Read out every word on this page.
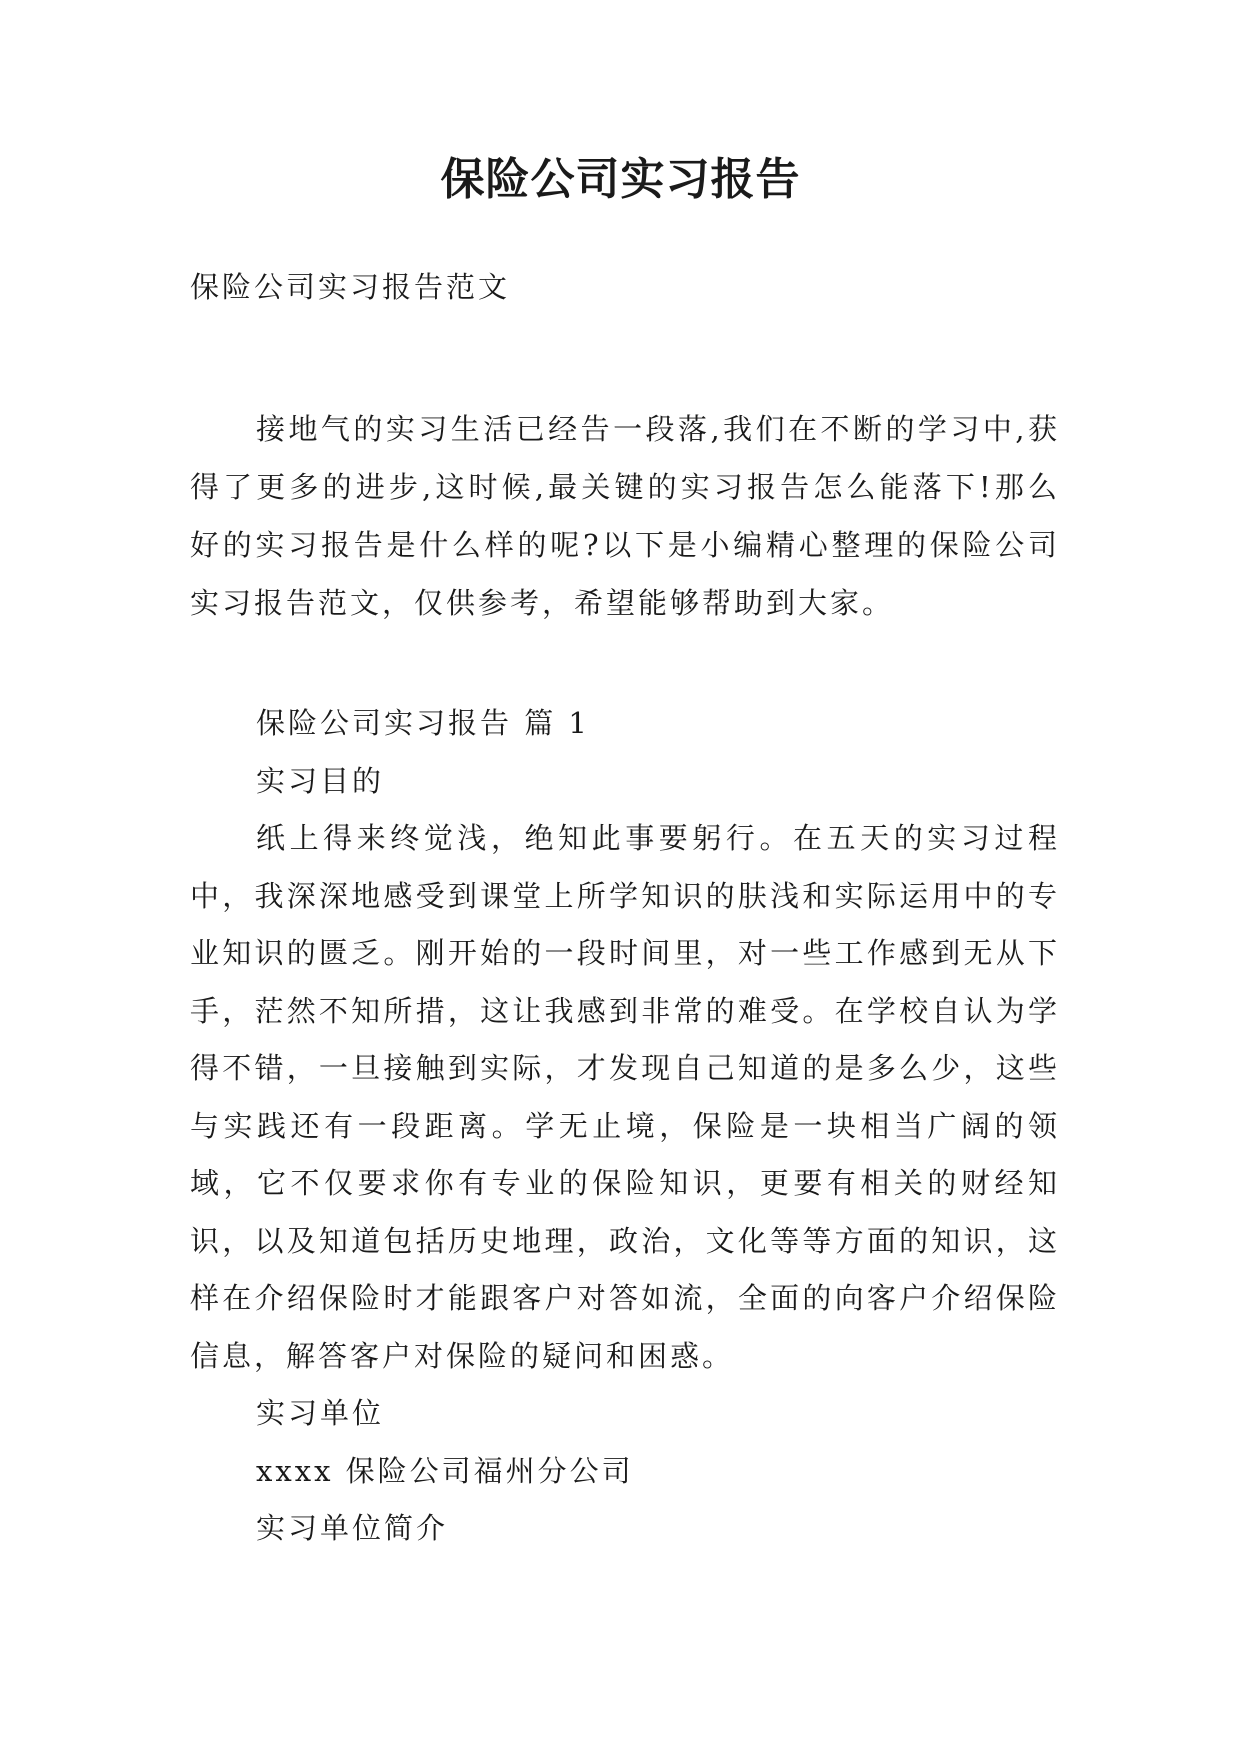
保险公司实习报告

保险公司实习报告范文

接地气的实习生活已经告一段落,我们在不断的学习中,获得了更多的进步,这时候,最关键的实习报告怎么能落下!那么好的实习报告是什么样的呢?以下是小编精心整理的保险公司实习报告范文，仅供参考，希望能够帮助到大家。

保险公司实习报告 篇 1

实习目的

纸上得来终觉浅，绝知此事要躬行。在五天的实习过程中，我深深地感受到课堂上所学知识的肤浅和实际运用中的专业知识的匮乏。刚开始的一段时间里，对一些工作感到无从下手，茫然不知所措，这让我感到非常的难受。在学校自认为学得不错，一旦接触到实际，才发现自己知道的是多么少，这些与实践还有一段距离。学无止境，保险是一块相当广阔的领域，它不仅要求你有专业的保险知识，更要有相关的财经知识，以及知道包括历史地理，政治，文化等等方面的知识，这样在介绍保险时才能跟客户对答如流，全面的向客户介绍保险信息，解答客户对保险的疑问和困惑。

实习单位

xxxx 保险公司福州分公司

实习单位简介
